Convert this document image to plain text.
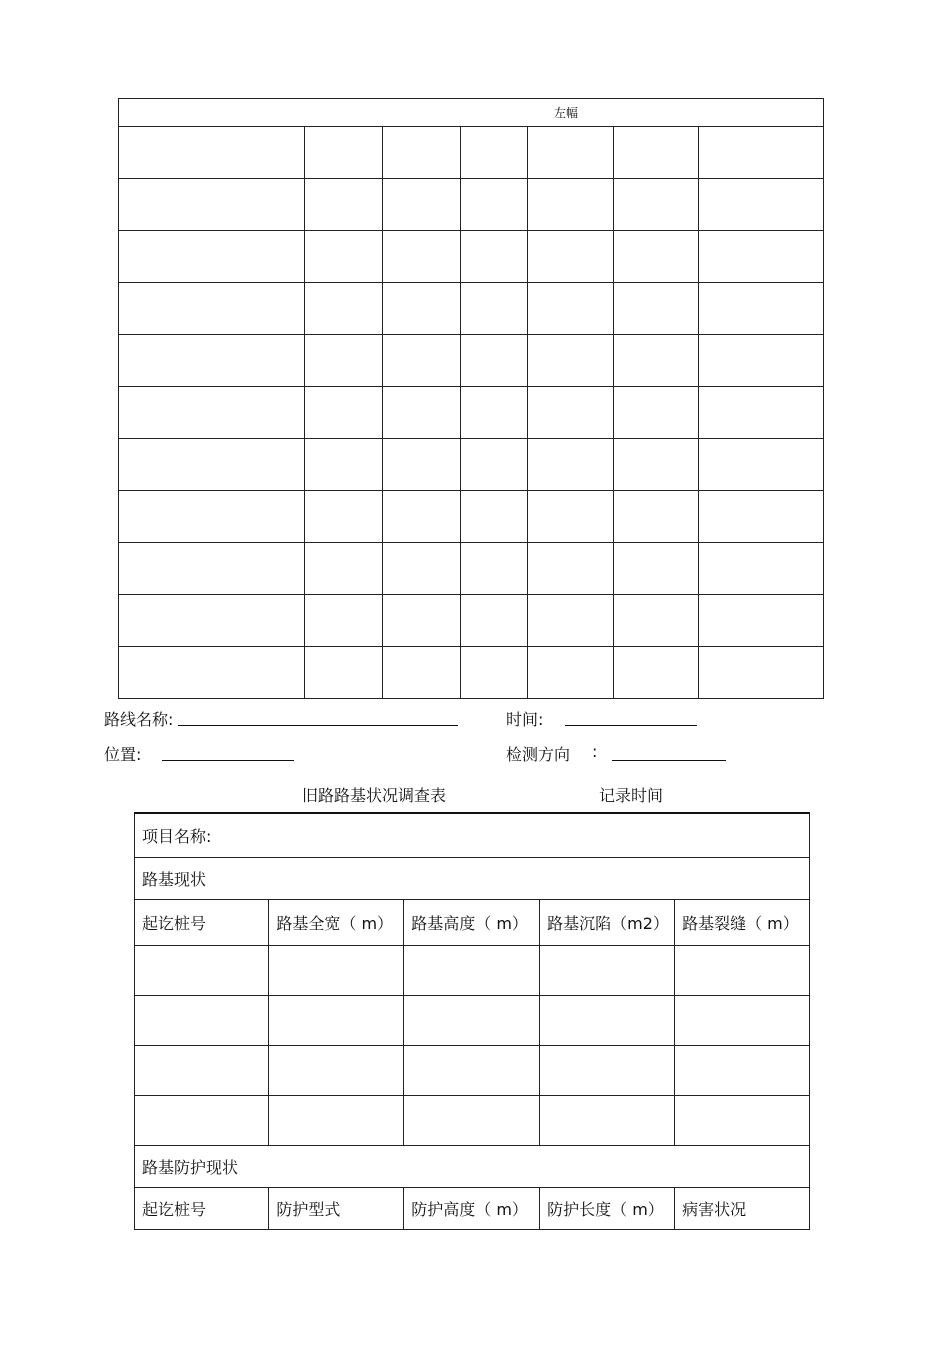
左幅						

路线名称:	时间:
位置:	检测方向 :
旧路路基状况调查表	记录时间
项目名称:				
路基现状				
起讫桩号	路基全宽（ m）	路基高度（ m）	路基沉陷（m2）	路基裂缝（ m）

路基防护现状				
起讫桩号	防护型式	防护高度（ m）	防护长度（ m）	病害状况
